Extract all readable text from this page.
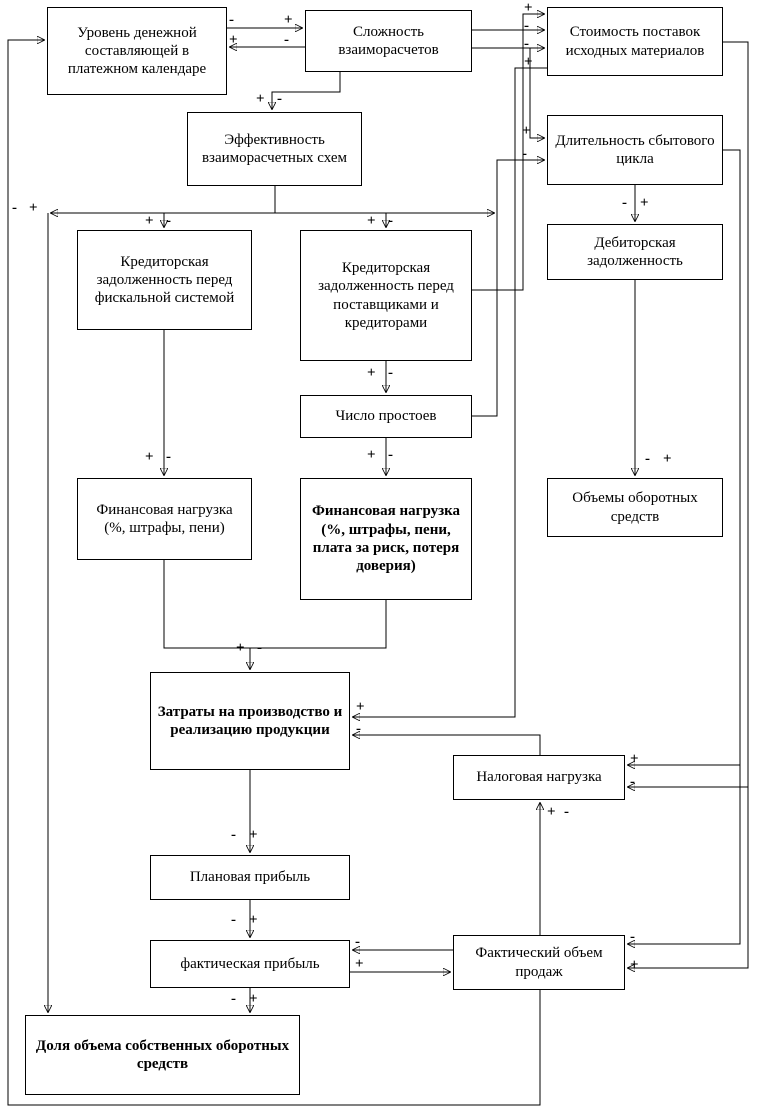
Уровень денежной составляющей в платежном календаре
Сложность взаиморасчетов
Стоимость поставок исходных материалов
Длительность сбытового цикла
Эффективность взаиморасчетных схем
Дебиторская задолженность
Кредиторская задолженность перед фискальной системой
Кредиторская задолженность перед поставщиками и кредиторами
Число простоев
Финансовая нагрузка (%, штрафы, пени)
Финансовая нагрузка (%, штрафы, пени, плата за риск, потеря доверия)
Объемы оборотных средств
Затраты на производство и реализацию продукции
Налоговая нагрузка
Плановая прибыль
фактическая прибыль
Фактический объем продаж
Доля объема собственных оборотных средств
-	+
+	-
+
-
-
+
+ -
+
-
- +
- +
+ -	+ -
+ -
+ -	+ -	- +
+
-
+ -
+
-
+ -
- +
- +
-
+
-
+
- +
